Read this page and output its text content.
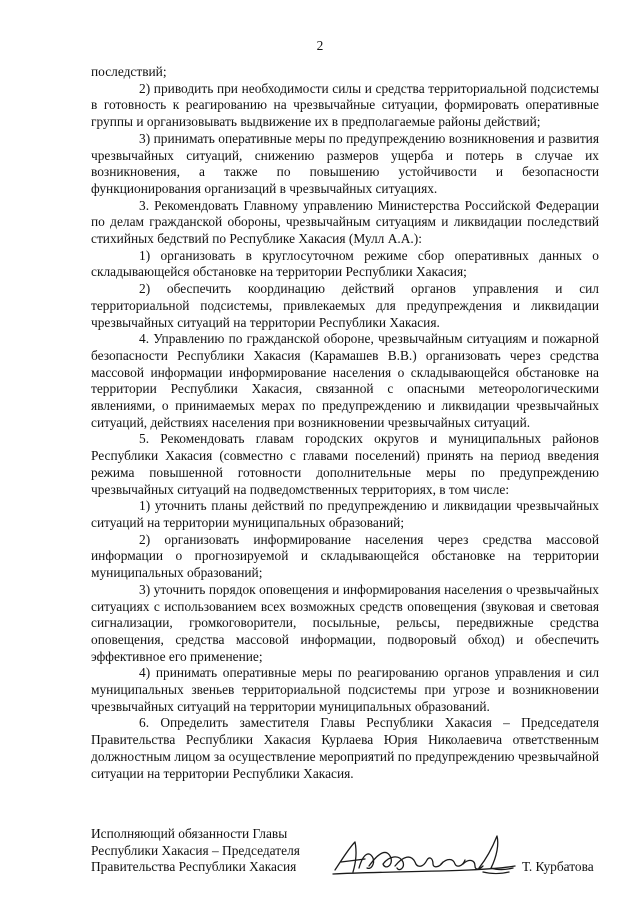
2

последствий;

2) приводить при необходимости силы и средства территориальной подсистемы в готовность к реагированию на чрезвычайные ситуации, формировать оперативные группы и организовывать выдвижение их в предполагаемые районы действий;

3) принимать оперативные меры по предупреждению возникновения и развития чрезвычайных ситуаций, снижению размеров ущерба и потерь в случае их возникновения, а также по повышению устойчивости и безопасности функционирования организаций в чрезвычайных ситуациях.

3. Рекомендовать Главному управлению Министерства Российской Федерации по делам гражданской обороны, чрезвычайным ситуациям и ликвидации последствий стихийных бедствий по Республике Хакасия (Мулл А.А.):

1) организовать в круглосуточном режиме сбор оперативных данных о складывающейся обстановке на территории Республики Хакасия;

2) обеспечить координацию действий органов управления и сил территориальной подсистемы, привлекаемых для предупреждения и ликвидации чрезвычайных ситуаций на территории Республики Хакасия.

4. Управлению по гражданской обороне, чрезвычайным ситуациям и пожарной безопасности Республики Хакасия (Карамашев В.В.) организовать через средства массовой информации информирование населения о складывающейся обстановке на территории Республики Хакасия, связанной с опасными метеорологическими явлениями, о принимаемых мерах по предупреждению и ликвидации чрезвычайных ситуаций, действиях населения при возникновении чрезвычайных ситуаций.

5. Рекомендовать главам городских округов и муниципальных районов Республики Хакасия (совместно с главами поселений) принять на период введения режима повышенной готовности дополнительные меры по предупреждению чрезвычайных ситуаций на подведомственных территориях, в том числе:

1) уточнить планы действий по предупреждению и ликвидации чрезвычайных ситуаций на территории муниципальных образований;

2) организовать информирование населения через средства массовой информации о прогнозируемой и складывающейся обстановке на территории муниципальных образований;

3) уточнить порядок оповещения и информирования населения о чрезвычайных ситуациях с использованием всех возможных средств оповещения (звуковая и световая сигнализации, громкоговорители, посыльные, рельсы, передвижные средства оповещения, средства массовой информации, подворовый обход) и обеспечить эффективное его применение;

4) принимать оперативные меры по реагированию органов управления и сил муниципальных звеньев территориальной подсистемы при угрозе и возникновении чрезвычайных ситуаций на территории муниципальных образований.

6. Определить заместителя Главы Республики Хакасия – Председателя Правительства Республики Хакасия Курлаева Юрия Николаевича ответственным должностным лицом за осуществление мероприятий по предупреждению чрезвычайной ситуации на территории Республики Хакасия.

Исполняющий обязанности Главы
Республики Хакасия – Председателя
Правительства Республики Хакасия	Т. Курбатова
